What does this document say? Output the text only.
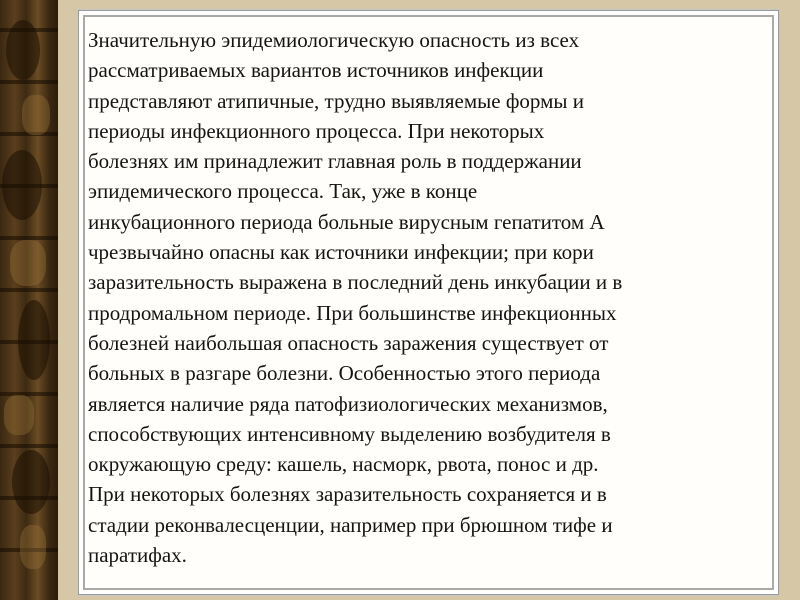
Значительную эпидемиологическую опасность из всех
рассматриваемых вариантов источников инфекции
представляют атипичные, трудно выявляемые формы и
периоды инфекционного процесса. При некоторых
болезнях им принадлежит главная роль в поддержании
эпидемического процесса. Так, уже в конце
инкубационного периода больные вирусным гепатитом А
чрезвычайно опасны как источники инфекции; при кори
заразительность выражена в последний день инкубации и в
продромальном периоде. При большинстве инфекционных
болезней наибольшая опасность заражения существует от
больных в разгаре болезни. Особенностью этого периода
является наличие ряда патофизиологических механизмов,
способствующих интенсивному выделению возбудителя в
окружающую среду: кашель, насморк, рвота, понос и др.
При некоторых болезнях заразительность сохраняется и в
стадии реконвалесценции, например при брюшном тифе и
паратифах.
